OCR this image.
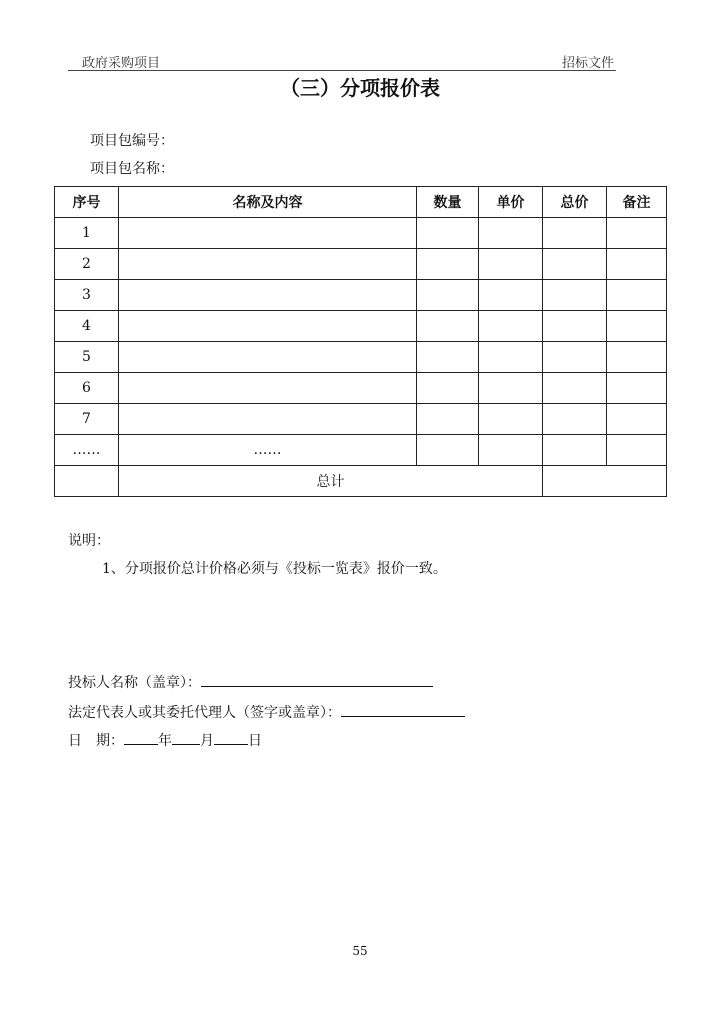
政府采购项目	招标文件
（三）分项报价表
项目包编号：
项目包名称：
序号	名称及内容	数量	单价	总价	备注
1					
2					
3					
4					
5					
6					
7					
……	……				
	总计				
说明：
1、分项报价总计价格必须与《投标一览表》报价一致。
投标人名称（盖章）：
法定代表人或其委托代理人（签字或盖章）：
日　期： 年 月 日
55
